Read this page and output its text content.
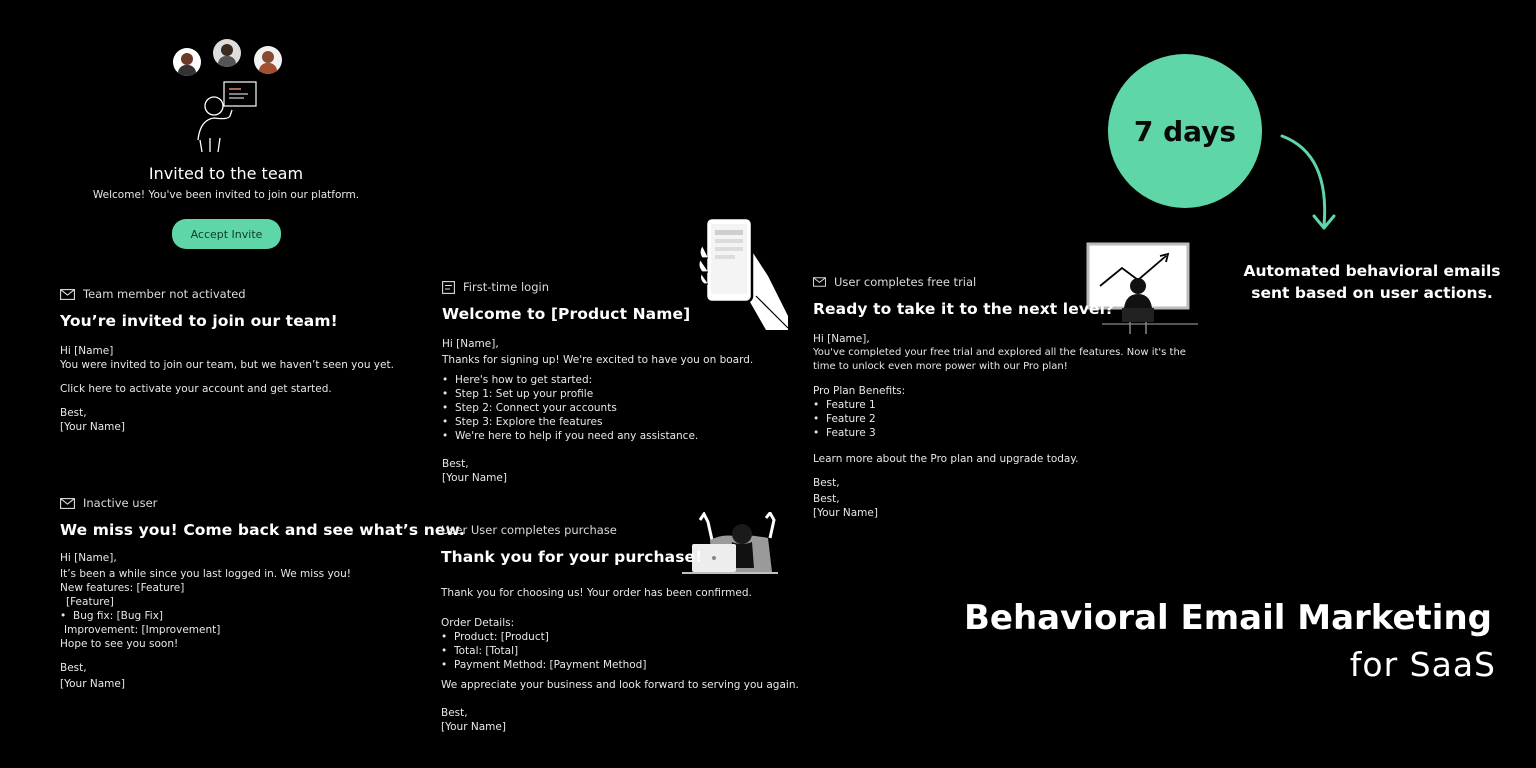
Invited to the team
Welcome! You've been invited to join our platform.
Accept Invite
Team member not activated
You’re invited to join our team!
Hi [Name]
You were invited to join our team, but we haven’t seen you yet.
Click here to activate your account and get started.
Best,
[Your Name]
Inactive user
We miss you! Come back and see what’s new.
Hi [Name],
It’s been a while since you last logged in. We miss you!
New features: [Feature]
[Feature]
• Bug fix: [Bug Fix]
Improvement: [Improvement]
Hope to see you soon!
Best,
[Your Name]
First-time login
Welcome to [Product Name]
Hi [Name],
Thanks for signing up! We're excited to have you on board.
• Here's how to get started:
• Step 1: Set up your profile
• Step 2: Connect your accounts
• Step 3: Explore the features
• We're here to help if you need any assistance.
Best,
[Your Name]
User User completes purchase
Thank you for your purchase!
Thank you for choosing us! Your order has been confirmed.
Order Details:
• Product: [Product]
• Total: [Total]
• Payment Method: [Payment Method]
We appreciate your business and look forward to serving you again.
Best,
[Your Name]
User completes free trial
Ready to take it to the next level?
Hi [Name],
You've completed your free trial and explored all the features. Now it's the
time to unlock even more power with our Pro plan!
Pro Plan Benefits:
• Feature 1
• Feature 2
• Feature 3
Learn more about the Pro plan and upgrade today.
Best,
Best,
[Your Name]
7 days
Automated behavioral emails
sent based on user actions.
Behavioral Email Marketing
for SaaS
